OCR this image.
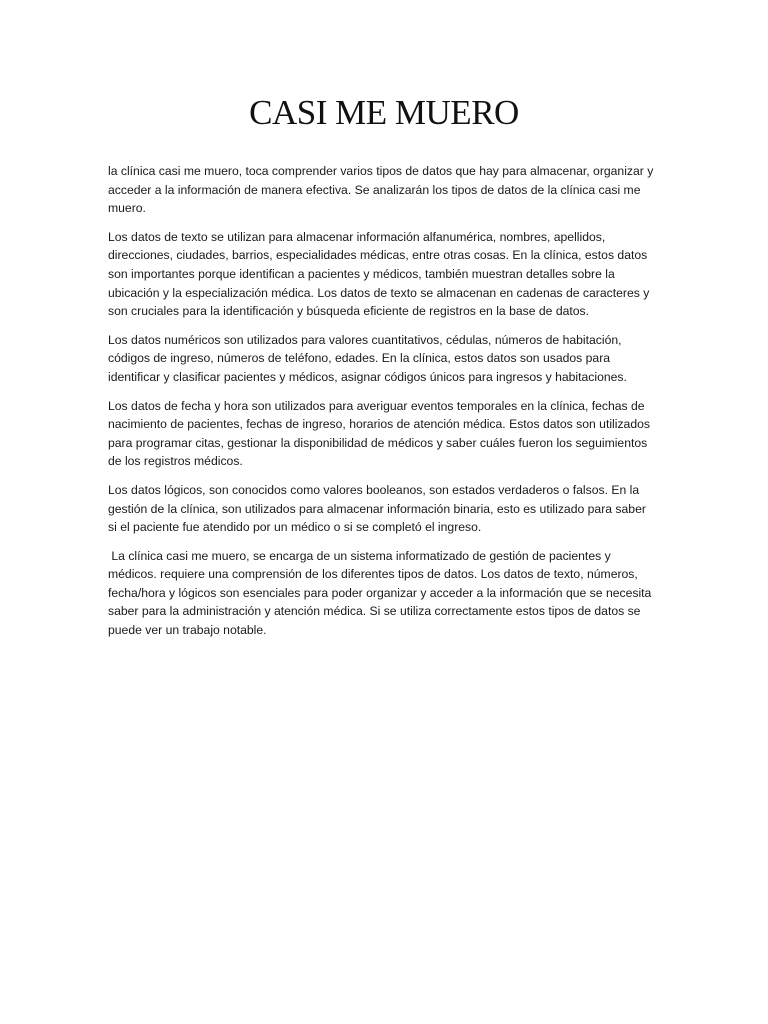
CASI ME MUERO

la clínica casi me muero, toca comprender varios tipos de datos que hay para almacenar, organizar y acceder a la información de manera efectiva. Se analizarán los tipos de datos de la clínica casi me muero.

Los datos de texto se utilizan para almacenar información alfanumérica, nombres, apellidos, direcciones, ciudades, barrios, especialidades médicas, entre otras cosas. En la clínica, estos datos son importantes porque identifican a pacientes y médicos, también muestran detalles sobre la ubicación y la especialización médica. Los datos de texto se almacenan en cadenas de caracteres y son cruciales para la identificación y búsqueda eficiente de registros en la base de datos.

Los datos numéricos son utilizados para valores cuantitativos, cédulas, números de habitación, códigos de ingreso, números de teléfono, edades. En la clínica, estos datos son usados para identificar y clasificar pacientes y médicos, asignar códigos únicos para ingresos y habitaciones.

Los datos de fecha y hora son utilizados para averiguar eventos temporales en la clínica, fechas de nacimiento de pacientes, fechas de ingreso, horarios de atención médica. Estos datos son utilizados para programar citas, gestionar la disponibilidad de médicos y saber cuáles fueron los seguimientos de los registros médicos.

Los datos lógicos, son conocidos como valores booleanos, son estados verdaderos o falsos. En la gestión de la clínica, son utilizados para almacenar información binaria, esto es utilizado para saber si el paciente fue atendido por un médico o si se completó el ingreso.

La clínica casi me muero, se encarga de un sistema informatizado de gestión de pacientes y médicos. requiere una comprensión de los diferentes tipos de datos. Los datos de texto, números, fecha/hora y lógicos son esenciales para poder organizar y acceder a la información que se necesita saber para la administración y atención médica. Si se utiliza correctamente estos tipos de datos se puede ver un trabajo notable.
